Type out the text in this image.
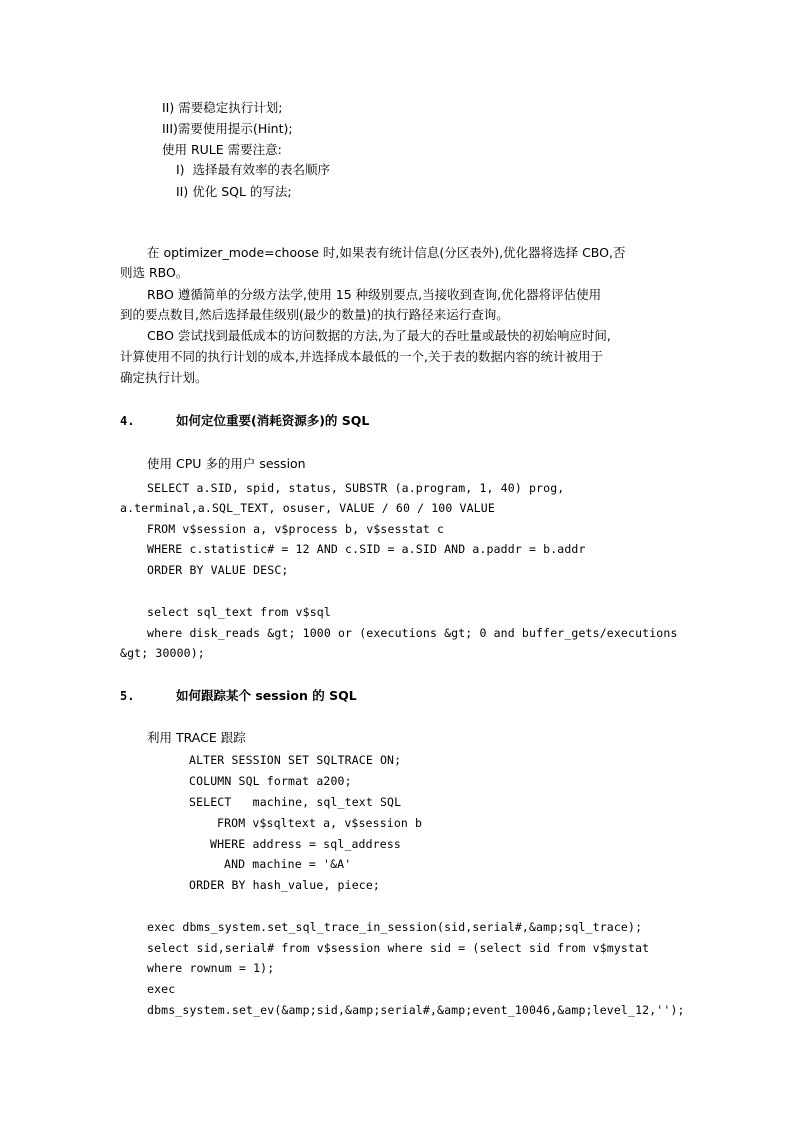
II) 需要稳定执行计划;

III)需要使用提示(Hint);

使用 RULE 需要注意:

I)  选择最有效率的表名顺序

II) 优化 SQL 的写法;

在 optimizer_mode=choose 时,如果表有统计信息(分区表外),优化器将选择 CBO,否

则选 RBO。

RBO 遵循简单的分级方法学,使用 15 种级别要点,当接收到查询,优化器将评估使用

到的要点数目,然后选择最佳级别(最少的数量)的执行路径来运行查询。

CBO 尝试找到最低成本的访问数据的方法,为了最大的吞吐量或最快的初始响应时间,

计算使用不同的执行计划的成本,并选择成本最低的一个,关于表的数据内容的统计被用于

确定执行计划。

4.	如何定位重要(消耗资源多)的 SQL

使用 CPU 多的用户 session

SELECT a.SID, spid, status, SUBSTR (a.program, 1, 40) prog,

a.terminal,a.SQL_TEXT, osuser, VALUE / 60 / 100 VALUE

FROM v$session a, v$process b, v$sesstat c

WHERE c.statistic# = 12 AND c.SID = a.SID AND a.paddr = b.addr

ORDER BY VALUE DESC;

select sql_text from v$sql

where disk_reads &gt; 1000 or (executions &gt; 0 and buffer_gets/executions

&gt; 30000);

5.	如何跟踪某个 session 的 SQL

利用 TRACE 跟踪

ALTER SESSION SET SQLTRACE ON;

COLUMN SQL format a200;

SELECT   machine, sql_text SQL

FROM v$sqltext a, v$session b

WHERE address = sql_address

AND machine = '&A'

ORDER BY hash_value, piece;

exec dbms_system.set_sql_trace_in_session(sid,serial#,&amp;sql_trace);

select sid,serial# from v$session where sid = (select sid from v$mystat

where rownum = 1);

exec

dbms_system.set_ev(&amp;sid,&amp;serial#,&amp;event_10046,&amp;level_12,'');
